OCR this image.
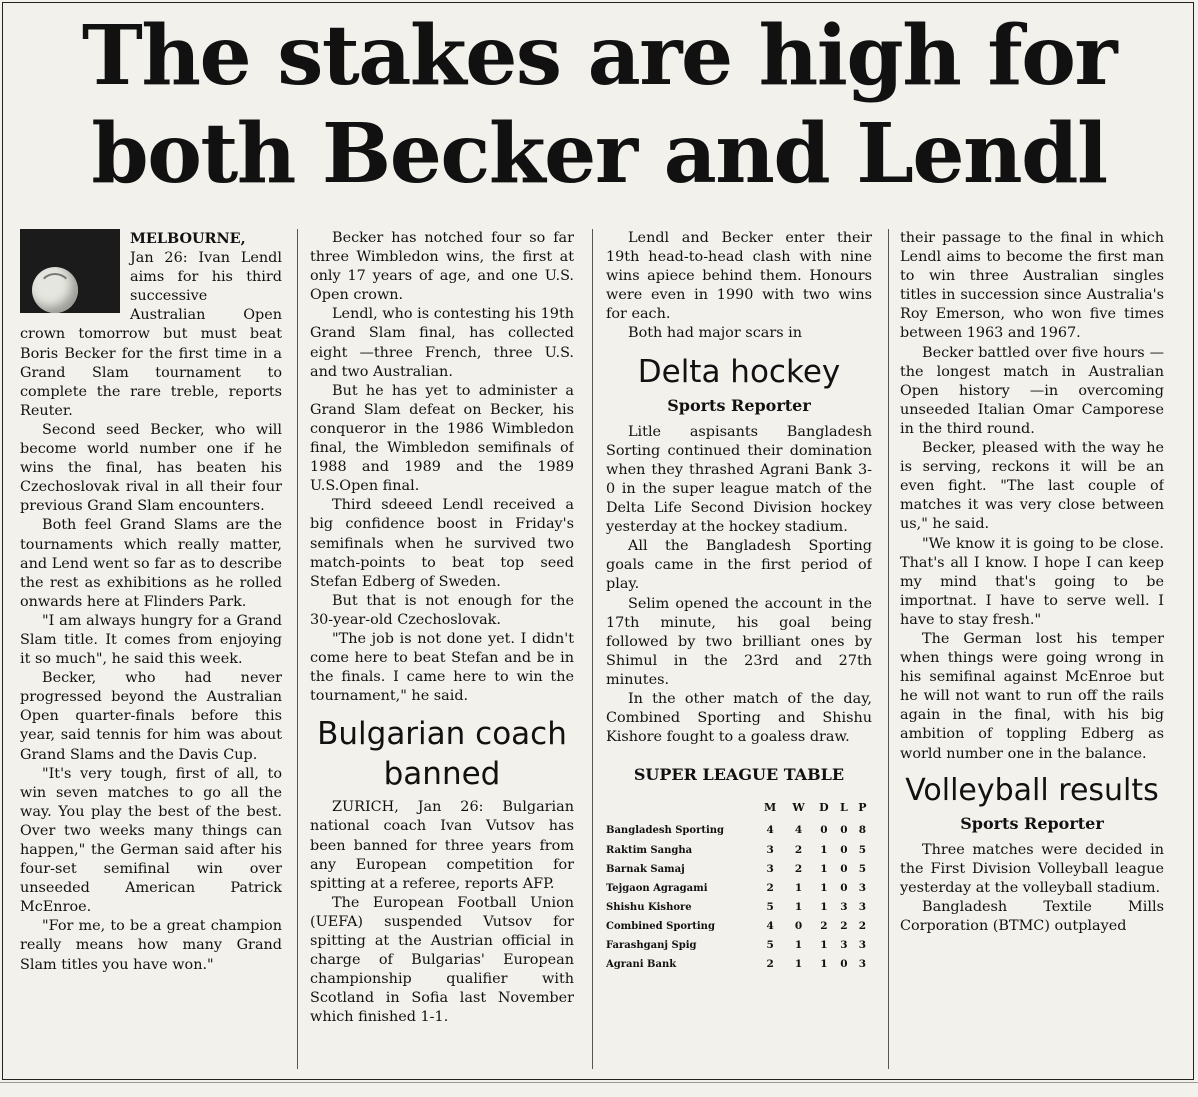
The stakes are high for
both Becker and Lendl

MELBOURNE,

Jan 26: Ivan Lendl aims for his third successive Australian Open crown tomorrow but must beat Boris Becker for the first time in a Grand Slam tournament to complete the rare treble, reports Reuter.

Second seed Becker, who will become world number one if he wins the final, has beaten his Czechoslovak rival in all their four previous Grand Slam encounters.

Both feel Grand Slams are the tournaments which really matter, and Lend went so far as to describe the rest as exhibitions as he rolled onwards here at Flinders Park.

"I am always hungry for a Grand Slam title. It comes from enjoying it so much", he said this week.

Becker, who had never progressed beyond the Australian Open quarter-finals before this year, said tennis for him was about Grand Slams and the Davis Cup.

"It's very tough, first of all, to win seven matches to go all the way. You play the best of the best. Over two weeks many things can happen," the German said after his four-set semifinal win over unseeded American Patrick McEnroe.

"For me, to be a great champion really means how many Grand Slam titles you have won."

Becker has notched four so far three Wimbledon wins, the first at only 17 years of age, and one U.S. Open crown.

Lendl, who is contesting his 19th Grand Slam final, has collected eight —three French, three U.S. and two Australian.

But he has yet to administer a Grand Slam defeat on Becker, his conqueror in the 1986 Wimbledon final, the Wimbledon semifinals of 1988 and 1989 and the 1989 U.S.Open final.

Third sdeeed Lendl received a big confidence boost in Friday's semifinals when he survived two match-points to beat top seed Stefan Edberg of Sweden.

But that is not enough for the 30-year-old Czechoslovak.

"The job is not done yet. I didn't come here to beat Stefan and be in the finals. I came here to win the tournament," he said.

Bulgarian coach banned

ZURICH, Jan 26: Bulgarian national coach Ivan Vutsov has been banned for three years from any European competition for spitting at a referee, reports AFP.

The European Football Union (UEFA) suspended Vutsov for spitting at the Austrian official in charge of Bulgarias' European championship qualifier with Scotland in Sofia last November which finished 1-1.

Lendl and Becker enter their 19th head-to-head clash with nine wins apiece behind them. Honours were even in 1990 with two wins for each.

Both had major scars in

Delta hockey
Sports Reporter

Litle aspisants Bangladesh Sorting continued their domination when they thrashed Agrani Bank 3-0 in the super league match of the Delta Life Second Division hockey yesterday at the hockey stadium.

All the Bangladesh Sporting goals came in the first period of play.

Selim opened the account in the 17th minute, his goal being followed by two brilliant ones by Shimul in the 23rd and 27th minutes.

In the other match of the day, Combined Sporting and Shishu Kishore fought to a goaless draw.

SUPER LEAGUE TABLE
	M	W	D	L	P
Bangladesh Sporting	4	4	0	0	8
Raktim Sangha	3	2	1	0	5
Barnak Samaj	3	2	1	0	5
Tejgaon Agragami	2	1	1	0	3
Shishu Kishore	5	1	1	3	3
Combined Sporting	4	0	2	2	2
Farashganj Spig	5	1	1	3	3
Agrani Bank	2	1	1	0	3

their passage to the final in which Lendl aims to become the first man to win three Australian singles titles in succession since Australia's Roy Emerson, who won five times between 1963 and 1967.

Becker battled over five hours —the longest match in Australian Open history —in overcoming unseeded Italian Omar Camporese in the third round.

Becker, pleased with the way he is serving, reckons it will be an even fight. "The last couple of matches it was very close between us," he said.

"We know it is going to be close. That's all I know. I hope I can keep my mind that's going to be importnat. I have to serve well. I have to stay fresh."

The German lost his temper when things were going wrong in his semifinal against McEnroe but he will not want to run off the rails again in the final, with his big ambition of toppling Edberg as world number one in the balance.

Volleyball results
Sports Reporter

Three matches were decided in the First Division Volleyball league yesterday at the volleyball stadium.

Bangladesh Textile Mills Corporation (BTMC) outplayed
